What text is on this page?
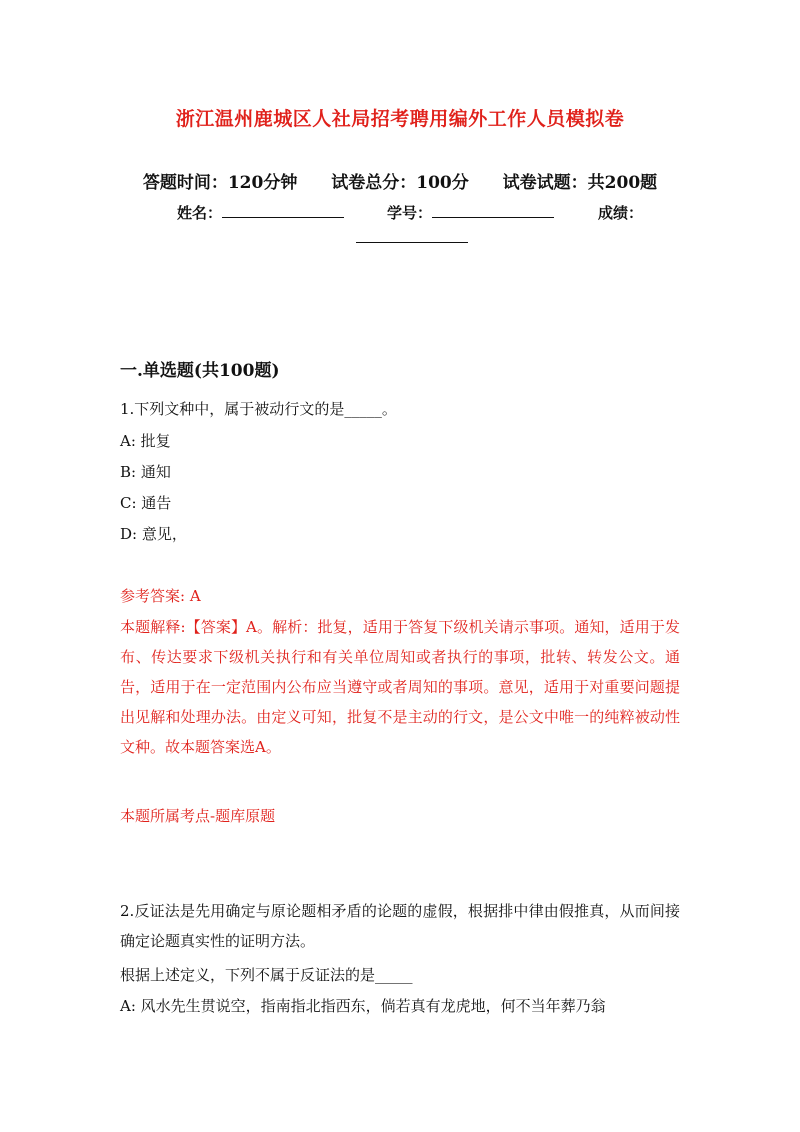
浙江温州鹿城区人社局招考聘用编外工作人员模拟卷
答题时间：120分钟 试卷总分：100分 试卷试题：共200题
姓名：	学号：	成绩：
一.单选题(共100题)
1.下列文种中，属于被动行文的是_____。
A: 批复
B: 通知
C: 通告
D: 意见，
参考答案: A
本题解释:【答案】A。解析：批复，适用于答复下级机关请示事项。通知，适用于发布、传达要求下级机关执行和有关单位周知或者执行的事项，批转、转发公文。通告，适用于在一定范围内公布应当遵守或者周知的事项。意见，适用于对重要问题提出见解和处理办法。由定义可知，批复不是主动的行文，是公文中唯一的纯粹被动性文种。故本题答案选A。
本题所属考点-题库原题
2.反证法是先用确定与原论题相矛盾的论题的虚假，根据排中律由假推真，从而间接确定论题真实性的证明方法。
根据上述定义，下列不属于反证法的是_____
A: 风水先生贯说空，指南指北指西东，倘若真有龙虎地，何不当年葬乃翁
